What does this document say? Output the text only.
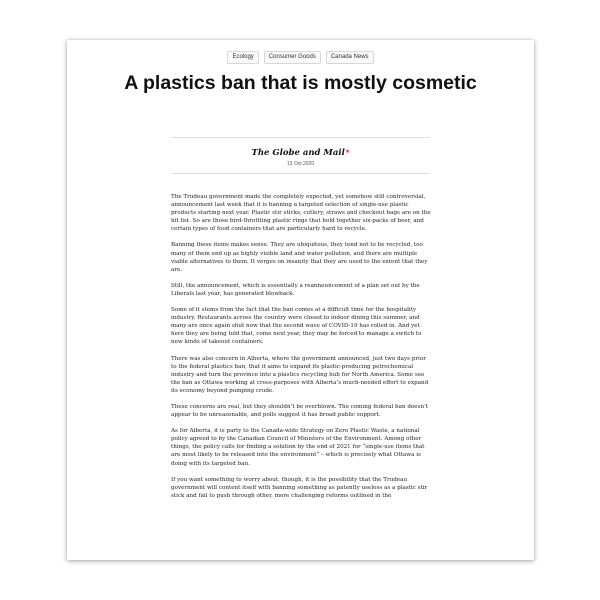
Ecology	Consumer Goods	Canada News
A plastics ban that is mostly cosmetic
The Globe and Mail*
13 Oct 2020

The Trudeau government made the completely expected, yet somehow still controversial, announcement last week that it is banning a targeted selection of single-use plastic products starting next year. Plastic stir sticks, cutlery, straws and checkout bags are on the hit list. So are those bird-throttling plastic rings that hold together six-packs of beer, and certain types of food containers that are particularly hard to recycle.

Banning these items makes sense. They are ubiquitous, they tend not to be recycled, too many of them end up as highly visible land and water pollution, and there are multiple viable alternatives to them. It verges on insanity that they are used to the extent that they are.

Still, the announcement, which is essentially a reannouncement of a plan set out by the Liberals last year, has generated blowback.

Some of it stems from the fact that the ban comes at a difficult time for the hospitality industry. Restaurants across the country were closed to indoor dining this summer, and many are once again shut now that the second wave of COVID-19 has rolled in. And yet here they are being told that, come next year, they may be forced to manage a switch to new kinds of takeout containers.

There was also concern in Alberta, where the government announced, just two days prior to the federal plastics ban, that it aims to expand its plastic-producing petrochemical industry and turn the province into a plastics recycling hub for North America. Some see the ban as Ottawa working at cross-purposes with Alberta’s much-needed effort to expand its economy beyond pumping crude.

These concerns are real, but they shouldn’t be overblown. The coming federal ban doesn’t appear to be unreasonable, and polls suggest it has broad public support.

As for Alberta, it is party to the Canada-wide Strategy on Zero Plastic Waste, a national policy agreed to by the Canadian Council of Ministers of the Environment. Among other things, the policy calls for finding a solution by the end of 2021 for “single-use items that are most likely to be released into the environment” – which is precisely what Ottawa is doing with its targeted ban.

If you want something to worry about, though, it is the possibility that the Trudeau government will content itself with banning something as patently useless as a plastic stir stick and fail to push through other, more challenging reforms outlined in the
